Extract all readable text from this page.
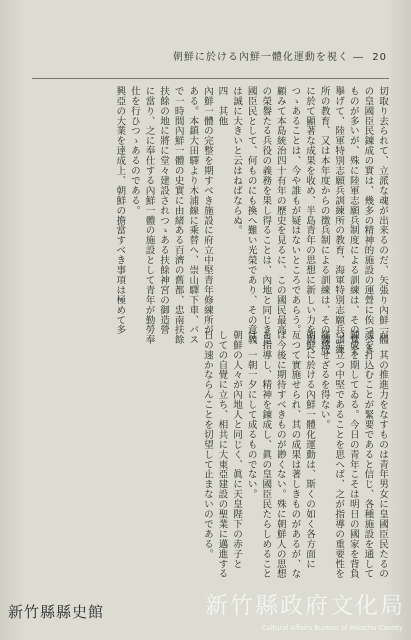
朝鮮に於ける內鮮一體化運動を視く ― 20
切取り去られて、立派な魂が出来るのだ、矢張り內鮮一體
の皇國臣民錬成の實は、幾多の精神的施設の運營に俟つべき
ものが多いが、殊に陸軍志願兵制度による訓練は、その實を
擧げて、陸軍特別志願兵訓練所の教育、海軍特別志願兵訓練
所の教育、又は本年度からの徴兵制による訓練は、その錬成
に於て顯著な成果を收め、半島青年の思想に新しい力を與へ
つゝあることは、今や誰もが疑はないところであらう。
顧みて本島統治四十有年の歷史を見るに、この國民最高
の榮譽たる兵役の義務を果し得ることは、內地と同じき皇
國臣民として、何ものにも換へ難い光榮であり、その意義
は誠に大きいと云はねばならぬ。
四　其他
內鮮一體の完整を期すべき施設に府立中堅青年修練所が
ある。本鎮大田驛より木浦線に乘替へ、崇山驛下車、バス
で一時間內鮮一體の史實に由緒ある百濟の舊都、忠南扶餘
扶餘の地に將に堂々建設されつゝある扶餘神宮の御造營
に當り、之に奉仕する內鮮一體の施設として青年が勤勞奉
仕を行ひつゝあるのである。
興亞の大業を達成上、朝鮮の擔當すべき事項は極めて多
が、其の推進力をなすものは青年男女に皇國臣民たるの
魂を打込むことが緊要であると信じ、各種施設を通して
錬成を期してゐる。今日の青年こそは明日の國家を背負
つて立つ中堅であることを思へば、之が指導の重要性を
痛感せざるを得ない。
朝鮮に於ける內鮮一體化運動は、斯くの如く各方面に
亙つて實施せられ、其の成果は著しきものがあるが、な
ほ今後に期待すべきものが尠くない。殊に朝鮮人の思想
を指導し、精神を錬成し、眞の皇國臣民たらしめること
は、一朝一夕にして成るものでない。
朝鮮の人々が內地人と同じく、眞に天皇陛下の赤子と
しての自覺に立ち、相共に大東亞建設の聖業に邁進する
日の速かならんことを切望して止まないのである。
新竹縣政府文化局
Cultural Affairs Bureau of Hsinchu County
新竹縣縣史館
